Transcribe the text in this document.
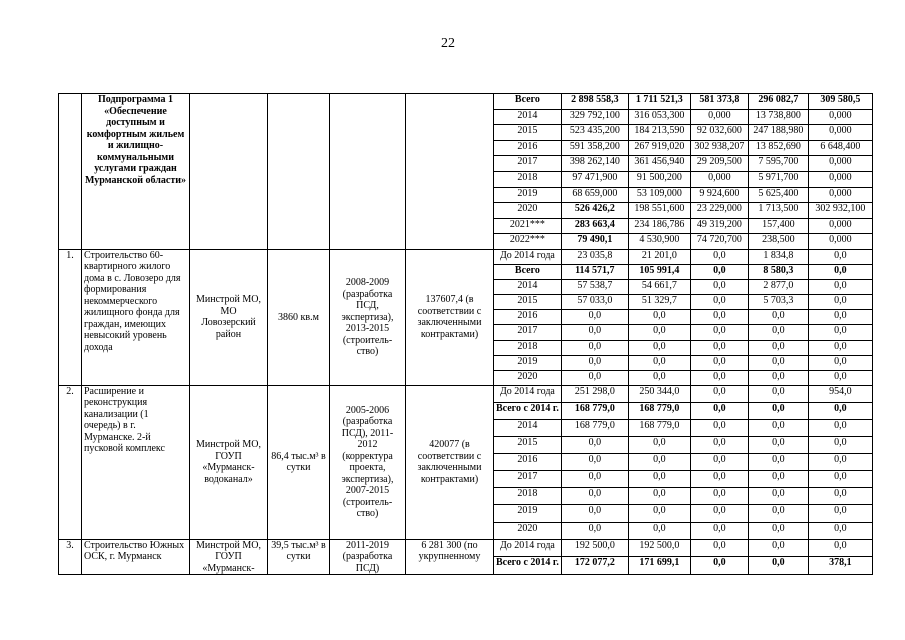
22
	Подпрограмма 1 «Обеспечение доступным и комфортным жильем и жилищно-коммунальными услугами граждан Мурманской области»					Всего	2 898 558,3	1 711 521,3	581 373,8	296 082,7	309 580,5
						2014	329 792,100	316 053,300	0,000	13 738,800	0,000
						2015	523 435,200	184 213,590	92 032,600	247 188,980	0,000
						2016	591 358,200	267 919,020	302 938,207	13 852,690	6 648,400
						2017	398 262,140	361 456,940	29 209,500	7 595,700	0,000
						2018	97 471,900	91 500,200	0,000	5 971,700	0,000
						2019	68 659,000	53 109,000	9 924,600	5 625,400	0,000
						2020	526 426,2	198 551,600	23 229,000	1 713,500	302 932,100
						2021***	283 663,4	234 186,786	49 319,200	157,400	0,000
						2022***	79 490,1	4 530,900	74 720,700	238,500	0,000
1.	Строительство 60-квартирного жилого дома в с. Ловозеро для формирования некоммерческого жилищного фонда для граждан, имеющих невысокий уровень дохода	Минстрой МО, МО Ловозерский район	3860 кв.м	2008-2009 (разработка ПСД, экспертиза), 2013-2015 (строитель-ство)	137607,4 (в соответствии с заключенными контрактами)	До 2014 года	23 035,8	21 201,0	0,0	1 834,8	0,0
						Всего	114 571,7	105 991,4	0,0	8 580,3	0,0
						2014	57 538,7	54 661,7	0,0	2 877,0	0,0
						2015	57 033,0	51 329,7	0,0	5 703,3	0,0
						2016	0,0	0,0	0,0	0,0	0,0
						2017	0,0	0,0	0,0	0,0	0,0
						2018	0,0	0,0	0,0	0,0	0,0
						2019	0,0	0,0	0,0	0,0	0,0
						2020	0,0	0,0	0,0	0,0	0,0
2.	Расширение и реконструкция канализации (1 очередь) в г. Мурманске. 2-й пусковой комплекс	Минстрой МО, ГОУП «Мурманск-водоканал»	86,4 тыс.м³ в сутки	2005-2006 (разработка ПСД), 2011-2012 (корректура проекта, экспертиза), 2007-2015 (строитель-ство)	420077 (в соответствии с заключенными контрактами)	До 2014 года	251 298,0	250 344,0	0,0	0,0	954,0
						Всего с 2014 г.	168 779,0	168 779,0	0,0	0,0	0,0
						2014	168 779,0	168 779,0	0,0	0,0	0,0
						2015	0,0	0,0	0,0	0,0	0,0
						2016	0,0	0,0	0,0	0,0	0,0
						2017	0,0	0,0	0,0	0,0	0,0
						2018	0,0	0,0	0,0	0,0	0,0
						2019	0,0	0,0	0,0	0,0	0,0
						2020	0,0	0,0	0,0	0,0	0,0
3.	Строительство Южных ОСК, г. Мурманск	Минстрой МО, ГОУП «Мурманск-	39,5 тыс.м³ в сутки	2011-2019 (разработка ПСД)	6 281 300 (по укрупненному	До 2014 года	192 500,0	192 500,0	0,0	0,0	0,0
						Всего с 2014 г.	172 077,2	171 699,1	0,0	0,0	378,1
